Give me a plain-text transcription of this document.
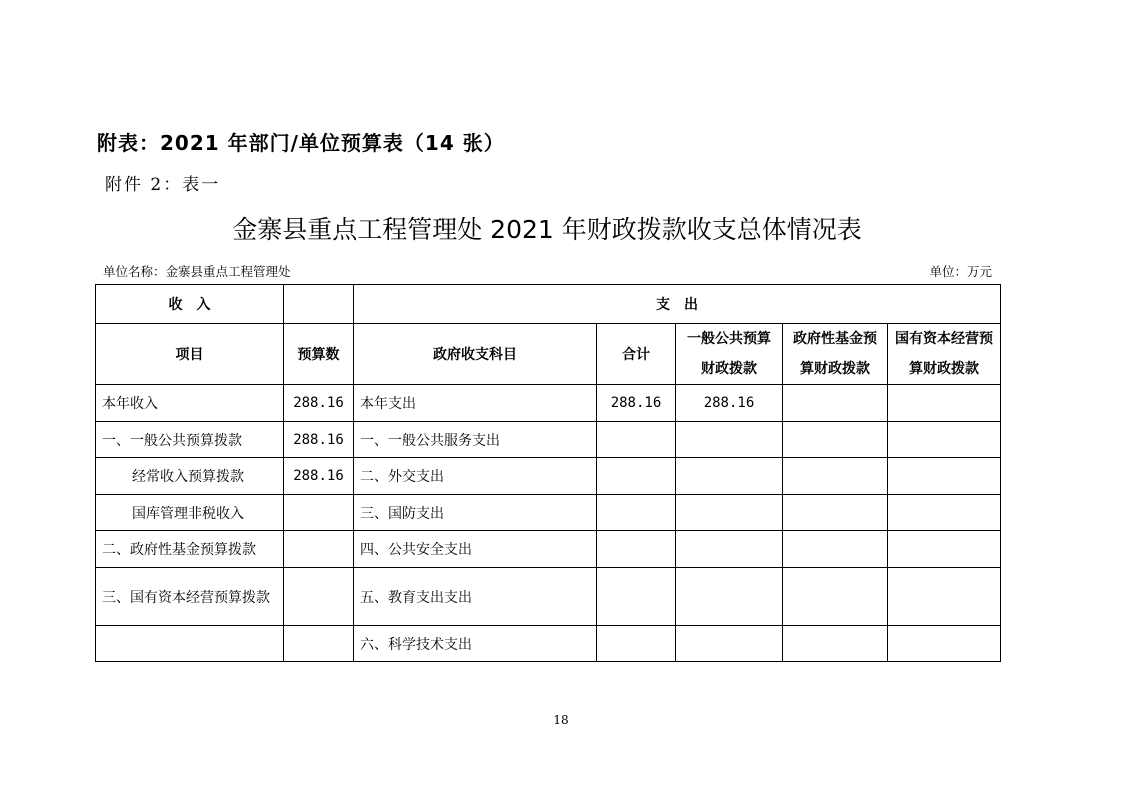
附表：2021 年部门/单位预算表（14 张）
附件 2：表一
金寨县重点工程管理处 2021 年财政拨款收支总体情况表
单位名称：金寨县重点工程管理处	单位：万元
收　入		支　出				
项目	预算数	政府收支科目	合计	一般公共预算财政拨款	政府性基金预算财政拨款	国有资本经营预算财政拨款
本年收入	288.16	本年支出	288.16	288.16		
一、一般公共预算拨款	288.16	一、一般公共服务支出				
经常收入预算拨款	288.16	二、外交支出				
国库管理非税收入		三、国防支出				
二、政府性基金预算拨款		四、公共安全支出				
三、国有资本经营预算拨款		五、教育支出支出				
		六、科学技术支出				
18
